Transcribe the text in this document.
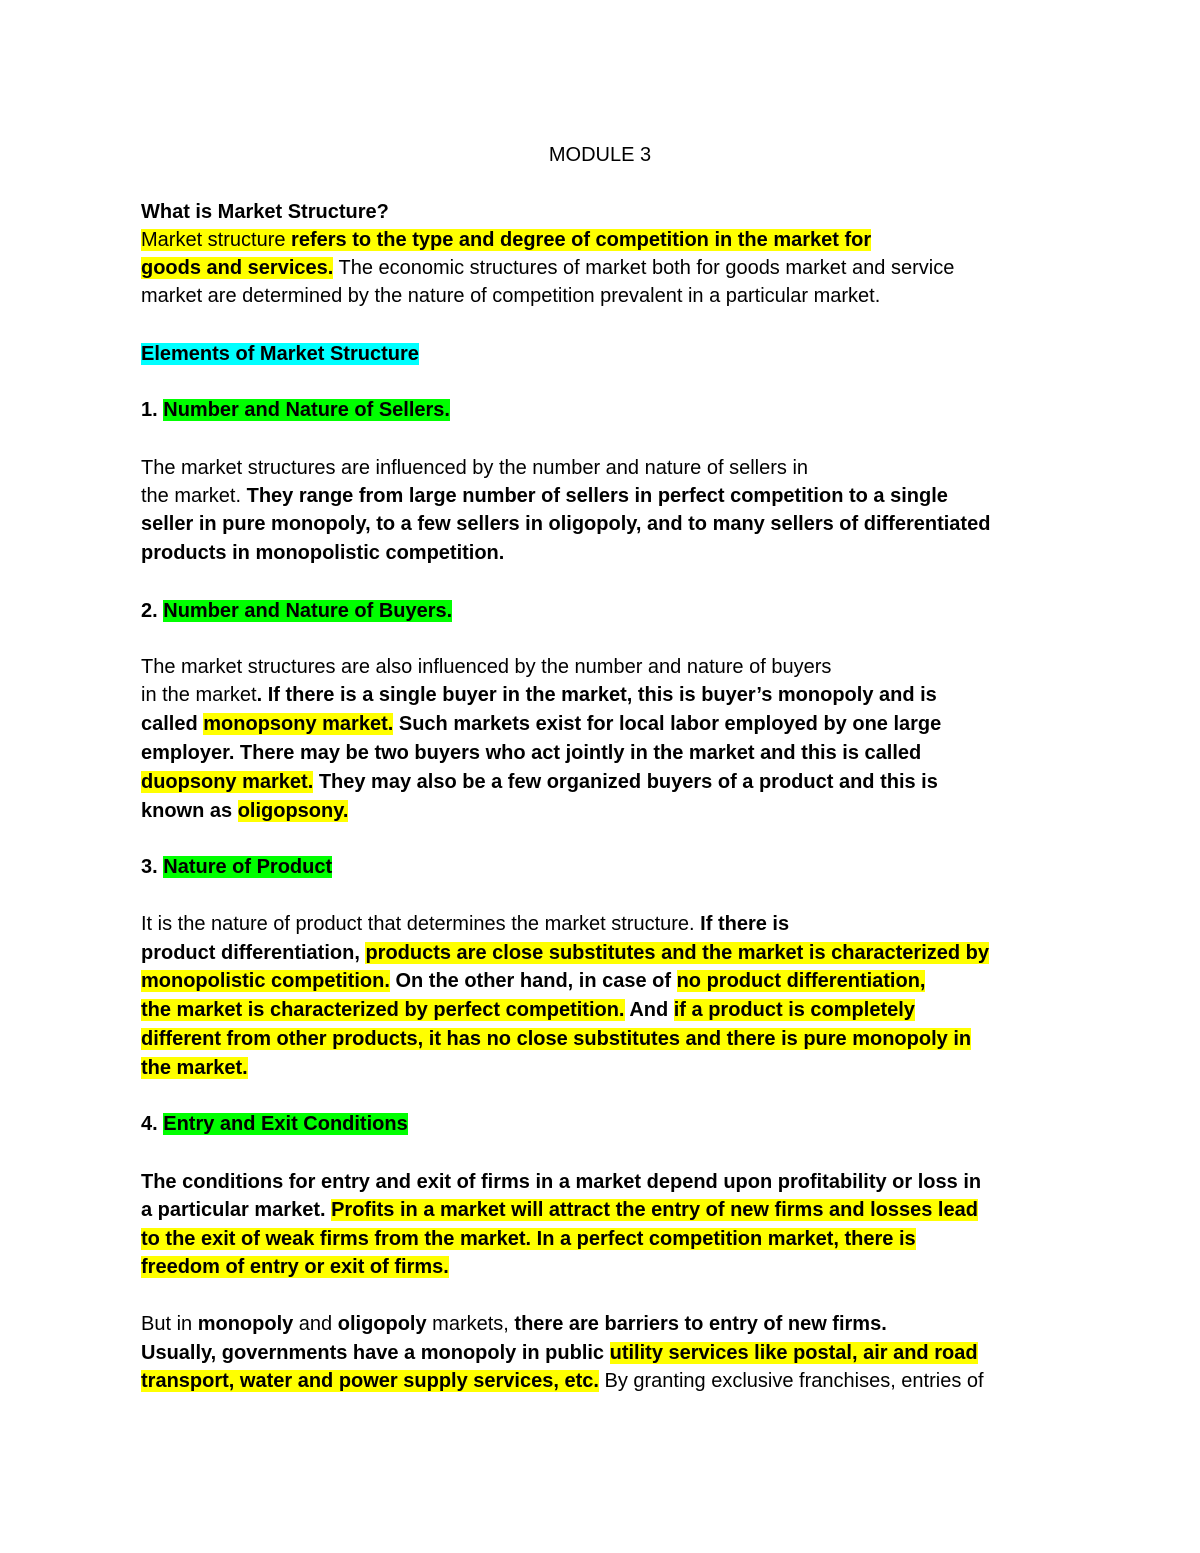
MODULE 3
What is Market Structure?
Market structure refers to the type and degree of competition in the market for
goods and services. The economic structures of market both for goods market and service
market are determined by the nature of competition prevalent in a particular market.
Elements of Market Structure
1. Number and Nature of Sellers.
The market structures are influenced by the number and nature of sellers in
the market. They range from large number of sellers in perfect competition to a single
seller in pure monopoly, to a few sellers in oligopoly, and to many sellers of differentiated
products in monopolistic competition.
2. Number and Nature of Buyers.
The market structures are also influenced by the number and nature of buyers
in the market. If there is a single buyer in the market, this is buyer’s monopoly and is
called monopsony market. Such markets exist for local labor employed by one large
employer. There may be two buyers who act jointly in the market and this is called
duopsony market. They may also be a few organized buyers of a product and this is
known as oligopsony.
3. Nature of Product
It is the nature of product that determines the market structure. If there is
product differentiation, products are close substitutes and the market is characterized by
monopolistic competition. On the other hand, in case of no product differentiation,
the market is characterized by perfect competition. And if a product is completely
different from other products, it has no close substitutes and there is pure monopoly in
the market.
4. Entry and Exit Conditions
The conditions for entry and exit of firms in a market depend upon profitability or loss in
a particular market. Profits in a market will attract the entry of new firms and losses lead
to the exit of weak firms from the market. In a perfect competition market, there is
freedom of entry or exit of firms.
But in monopoly and oligopoly markets, there are barriers to entry of new firms.
Usually, governments have a monopoly in public utility services like postal, air and road
transport, water and power supply services, etc. By granting exclusive franchises, entries of
